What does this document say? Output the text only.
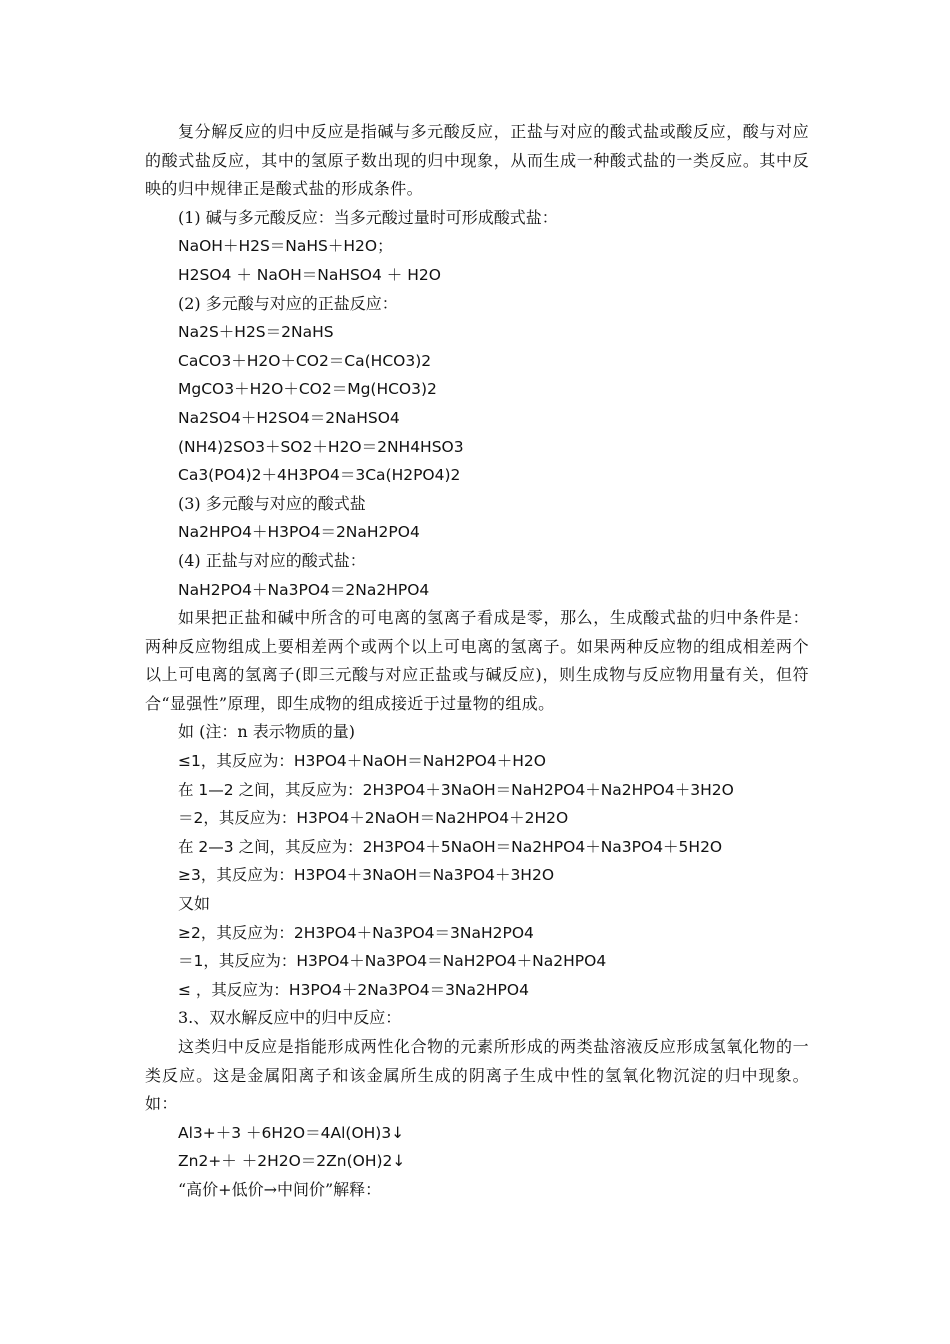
复分解反应的归中反应是指碱与多元酸反应，正盐与对应的酸式盐或酸反应，酸与对应的酸式盐反应，其中的氢原子数出现的归中现象，从而生成一种酸式盐的一类反应。其中反映的归中规律正是酸式盐的形成条件。

(1) 碱与多元酸反应：当多元酸过量时可形成酸式盐：

NaOH＋H2S＝NaHS＋H2O；

H2SO4 ＋ NaOH＝NaHSO4 ＋ H2O

(2) 多元酸与对应的正盐反应：

Na2S＋H2S＝2NaHS

CaCO3＋H2O＋CO2＝Ca(HCO3)2

MgCO3＋H2O＋CO2＝Mg(HCO3)2

Na2SO4＋H2SO4＝2NaHSO4

(NH4)2SO3＋SO2＋H2O＝2NH4HSO3

Ca3(PO4)2＋4H3PO4＝3Ca(H2PO4)2

(3) 多元酸与对应的酸式盐

Na2HPO4＋H3PO4＝2NaH2PO4

(4) 正盐与对应的酸式盐：

NaH2PO4＋Na3PO4＝2Na2HPO4

如果把正盐和碱中所含的可电离的氢离子看成是零，那么，生成酸式盐的归中条件是：两种反应物组成上要相差两个或两个以上可电离的氢离子。如果两种反应物的组成相差两个以上可电离的氢离子(即三元酸与对应正盐或与碱反应)，则生成物与反应物用量有关，但符合“显强性”原理，即生成物的组成接近于过量物的组成。

如 (注：n 表示物质的量)

≤1，其反应为：H3PO4＋NaOH＝NaH2PO4＋H2O

在 1—2 之间，其反应为：2H3PO4＋3NaOH＝NaH2PO4＋Na2HPO4＋3H2O

＝2，其反应为：H3PO4＋2NaOH＝Na2HPO4＋2H2O

在 2—3 之间，其反应为：2H3PO4＋5NaOH＝Na2HPO4＋Na3PO4＋5H2O

≥3，其反应为：H3PO4＋3NaOH＝Na3PO4＋3H2O

又如

≥2，其反应为：2H3PO4＋Na3PO4＝3NaH2PO4

＝1，其反应为：H3PO4＋Na3PO4＝NaH2PO4＋Na2HPO4

≤ ，其反应为：H3PO4＋2Na3PO4＝3Na2HPO4

3.、双水解反应中的归中反应：

这类归中反应是指能形成两性化合物的元素所形成的两类盐溶液反应形成氢氧化物的一类反应。这是金属阳离子和该金属所生成的阴离子生成中性的氢氧化物沉淀的归中现象。如：

Al3+＋3 ＋6H2O＝4Al(OH)3↓

Zn2+＋ ＋2H2O＝2Zn(OH)2↓

“高价+低价→中间价”解释：
